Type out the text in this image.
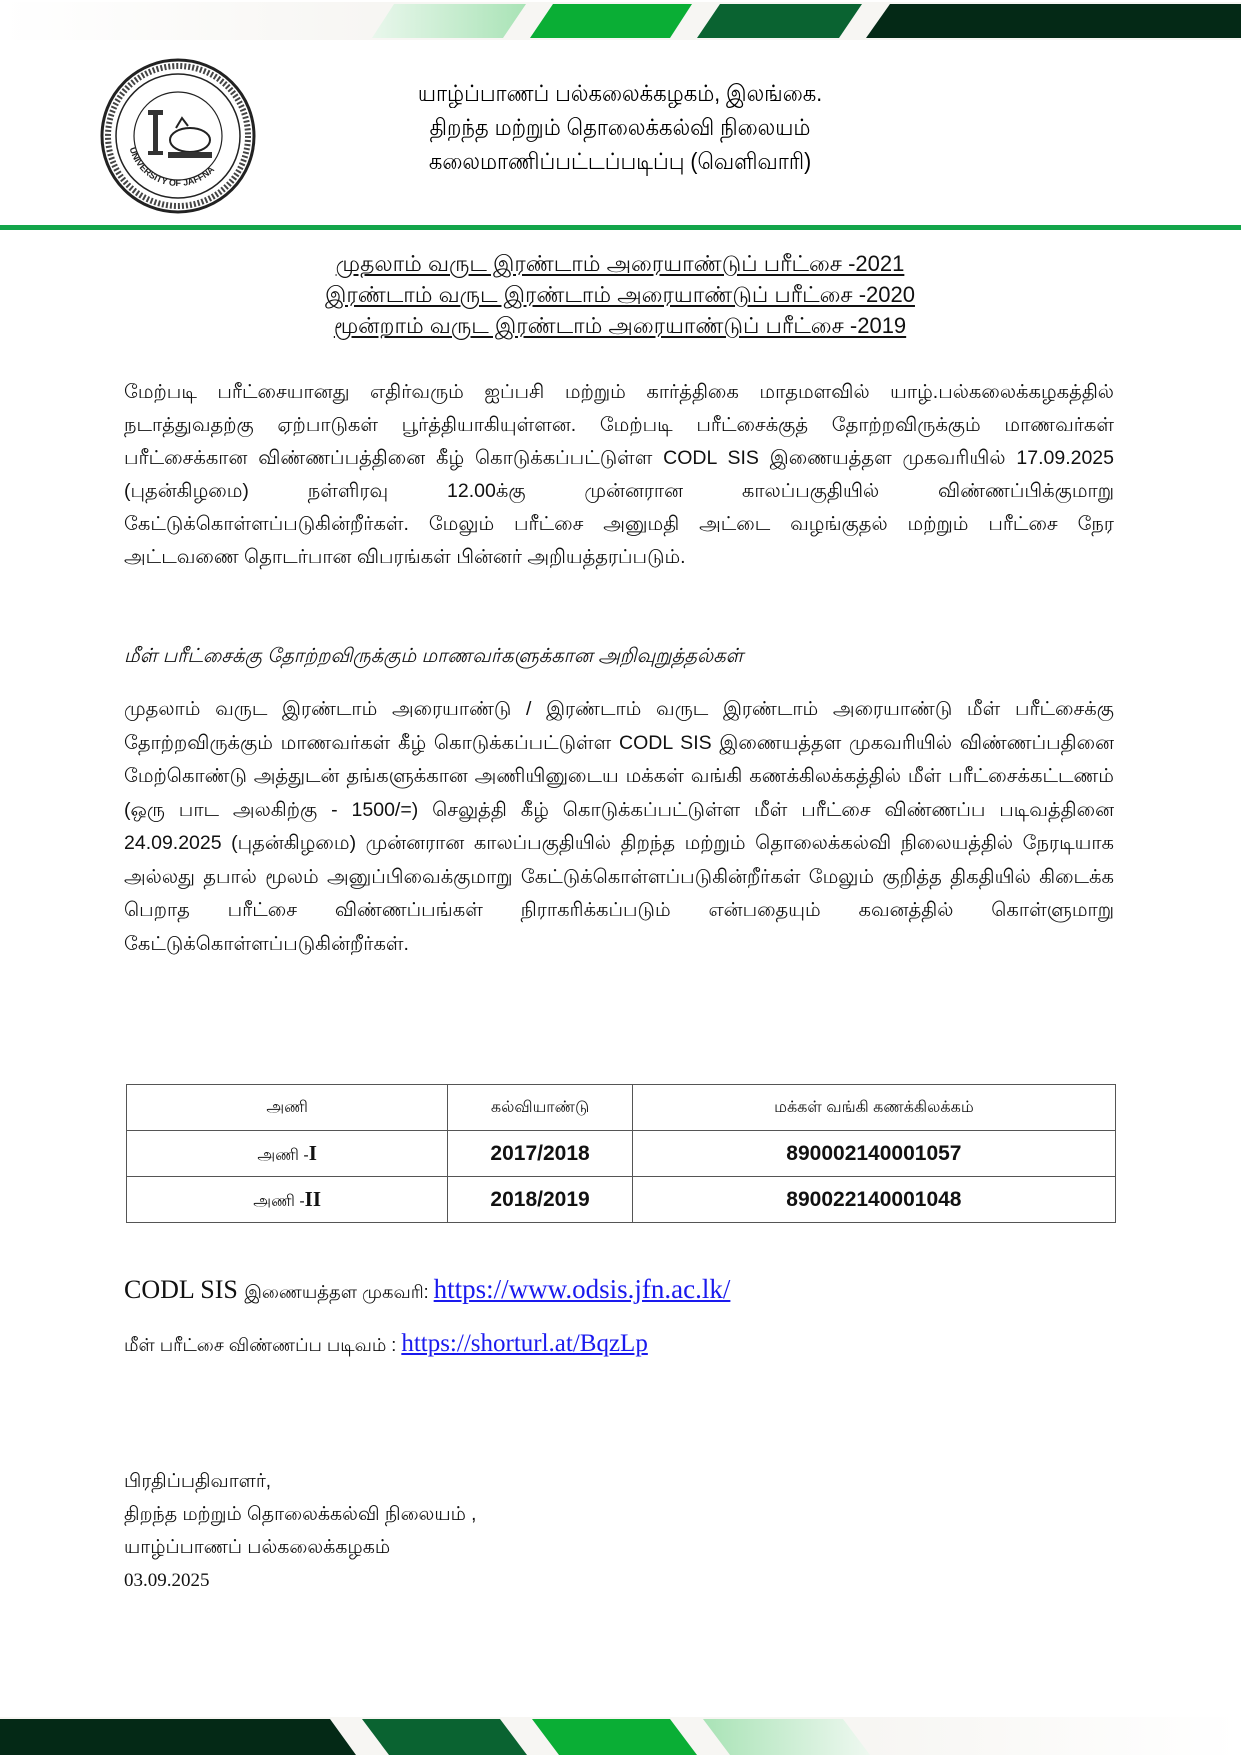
UNIVERSITY OF JAFFNA
யாழ்ப்பாணப் பல்கலைக்கழகம், இலங்கை.
திறந்த மற்றும் தொலைக்கல்வி நிலையம்
கலைமாணிப்பட்டப்படிப்பு (வெளிவாரி)
முதலாம் வருட இரண்டாம் அரையாண்டுப் பரீட்சை -2021
இரண்டாம் வருட இரண்டாம் அரையாண்டுப் பரீட்சை -2020
மூன்றாம் வருட இரண்டாம் அரையாண்டுப் பரீட்சை -2019
மேற்படி பரீட்சையானது எதிர்வரும் ஐப்பசி மற்றும் கார்த்திகை மாதமளவில் யாழ்.பல்கலைக்கழகத்தில் நடாத்துவதற்கு ஏற்பாடுகள் பூர்த்தியாகியுள்ளன. மேற்படி பரீட்சைக்குத் தோற்றவிருக்கும் மாணவர்கள் பரீட்சைக்கான விண்ணப்பத்தினை கீழ் கொடுக்கப்பட்டுள்ள CODL SIS இணையத்தள முகவரியில் 17.09.2025 (புதன்கிழமை) நள்ளிரவு 12.00க்கு முன்னரான காலப்பகுதியில் விண்ணப்பிக்குமாறு கேட்டுக்கொள்ளப்படுகின்றீர்கள். மேலும் பரீட்சை அனுமதி அட்டை வழங்குதல் மற்றும் பரீட்சை நேர அட்டவணை தொடர்பான விபரங்கள் பின்னர் அறியத்தரப்படும்.
மீள் பரீட்சைக்கு தோற்றவிருக்கும் மாணவர்களுக்கான அறிவுறுத்தல்கள்
முதலாம் வருட இரண்டாம் அரையாண்டு / இரண்டாம் வருட இரண்டாம் அரையாண்டு மீள் பரீட்சைக்கு தோற்றவிருக்கும் மாணவர்கள் கீழ் கொடுக்கப்பட்டுள்ள CODL SIS இணையத்தள முகவரியில் விண்ணப்பதினை மேற்கொண்டு அத்துடன் தங்களுக்கான அணியினுடைய மக்கள் வங்கி கணக்கிலக்கத்தில் மீள் பரீட்சைக்கட்டணம் (ஒரு பாட அலகிற்கு - 1500/=) செலுத்தி கீழ் கொடுக்கப்பட்டுள்ள மீள் பரீட்சை விண்ணப்ப படிவத்தினை 24.09.2025 (புதன்கிழமை) முன்னரான காலப்பகுதியில் திறந்த மற்றும் தொலைக்கல்வி நிலையத்தில் நேரடியாக அல்லது தபால் மூலம் அனுப்பிவைக்குமாறு கேட்டுக்கொள்ளப்படுகின்றீர்கள் மேலும் குறித்த திகதியில் கிடைக்க பெறாத பரீட்சை விண்ணப்பங்கள் நிராகரிக்கப்படும் என்பதையும் கவனத்தில் கொள்ளுமாறு கேட்டுக்கொள்ளப்படுகின்றீர்கள்.
அணி	கல்வியாண்டு	மக்கள் வங்கி கணக்கிலக்கம்
அணி -I	2017/2018	890002140001057
அணி -II	2018/2019	890022140001048
CODL SIS இணையத்தள முகவரி: https://www.odsis.jfn.ac.lk/
மீள் பரீட்சை விண்ணப்ப படிவம் : https://shorturl.at/BqzLp
பிரதிப்பதிவாளர்,
திறந்த மற்றும் தொலைக்கல்வி நிலையம் ,
யாழ்ப்பாணப் பல்கலைக்கழகம்
03.09.2025
